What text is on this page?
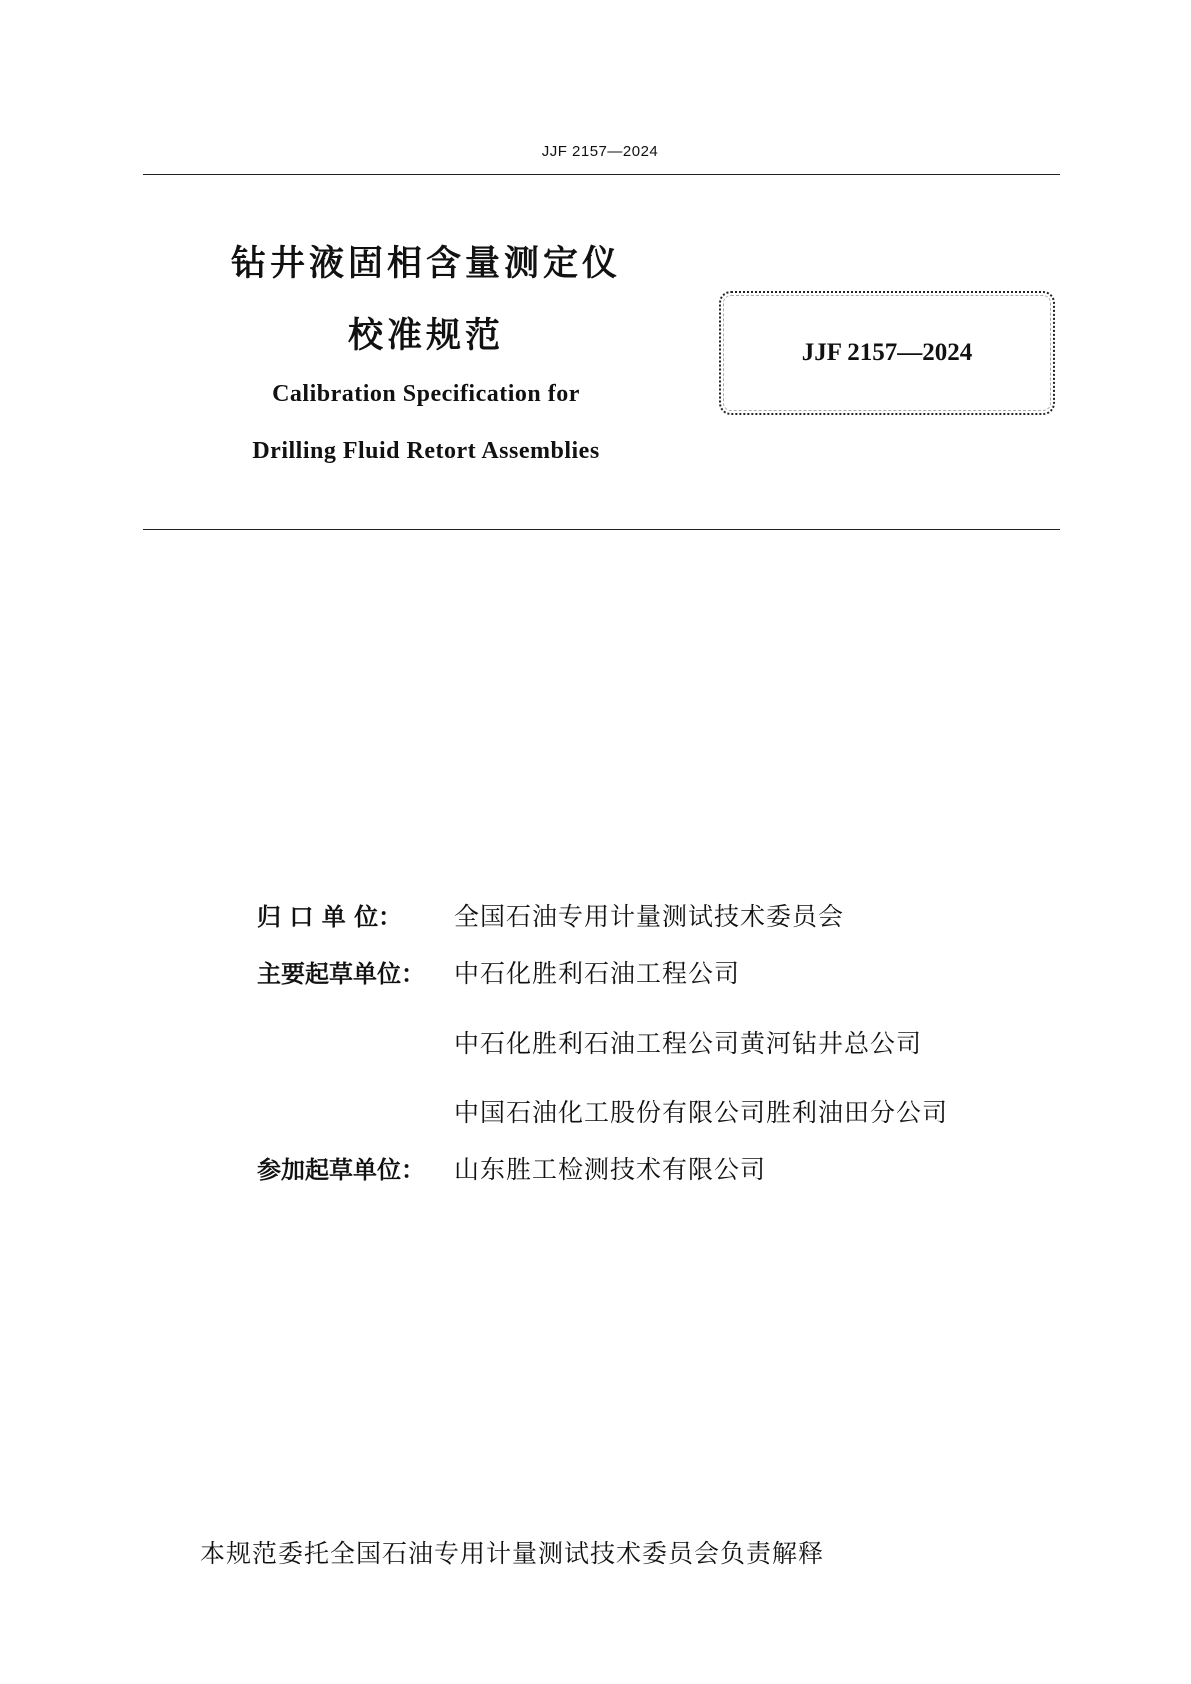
JJF 2157—2024
钻井液固相含量测定仪
校准规范
Calibration Specification for
Drilling Fluid Retort Assemblies
JJF 2157—2024
归 口 单 位： 全国石油专用计量测试技术委员会
主要起草单位： 中石化胜利石油工程公司
中石化胜利石油工程公司黄河钻井总公司
中国石油化工股份有限公司胜利油田分公司
参加起草单位： 山东胜工检测技术有限公司
本规范委托全国石油专用计量测试技术委员会负责解释
